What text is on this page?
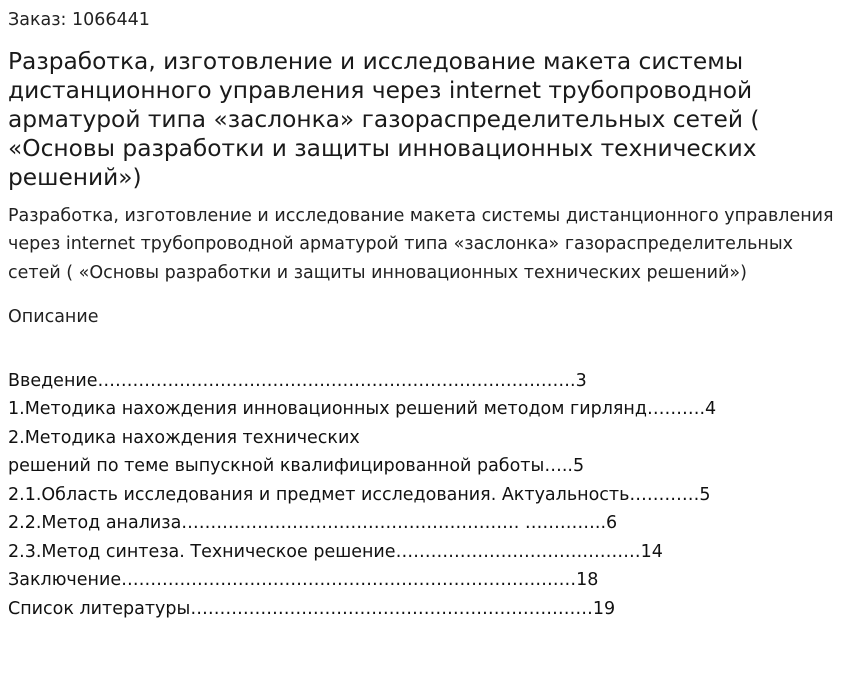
Заказ: 1066441
Разработка, изготовление и исследование макета системы дистанционного управления через internet трубопроводной арматурой типа «заслонка» газораспределительных сетей ( «Основы разработки и защиты инновационных технических решений»)

Разработка, изготовление и исследование макета системы дистанционного управления через internet трубопроводной арматурой типа «заслонка» газораспределительных сетей ( «Основы разработки и защиты инновационных технических решений»)

Описание
Введение……………………………………………………………………….3
1.Методика нахождения инновационных решений методом гирлянд……….4
2.Методика нахождения технических
решений по теме выпускной квалифицированной работы…..5
2.1.Область исследования и предмет исследования. Актуальность…………5
2.2.Метод анализа…………………………………………………. …………..6
2.3.Метод синтеза. Техническое решение……………………………………14
Заключение……………………………………………………………………18
Список литературы……………………………………………………………19
